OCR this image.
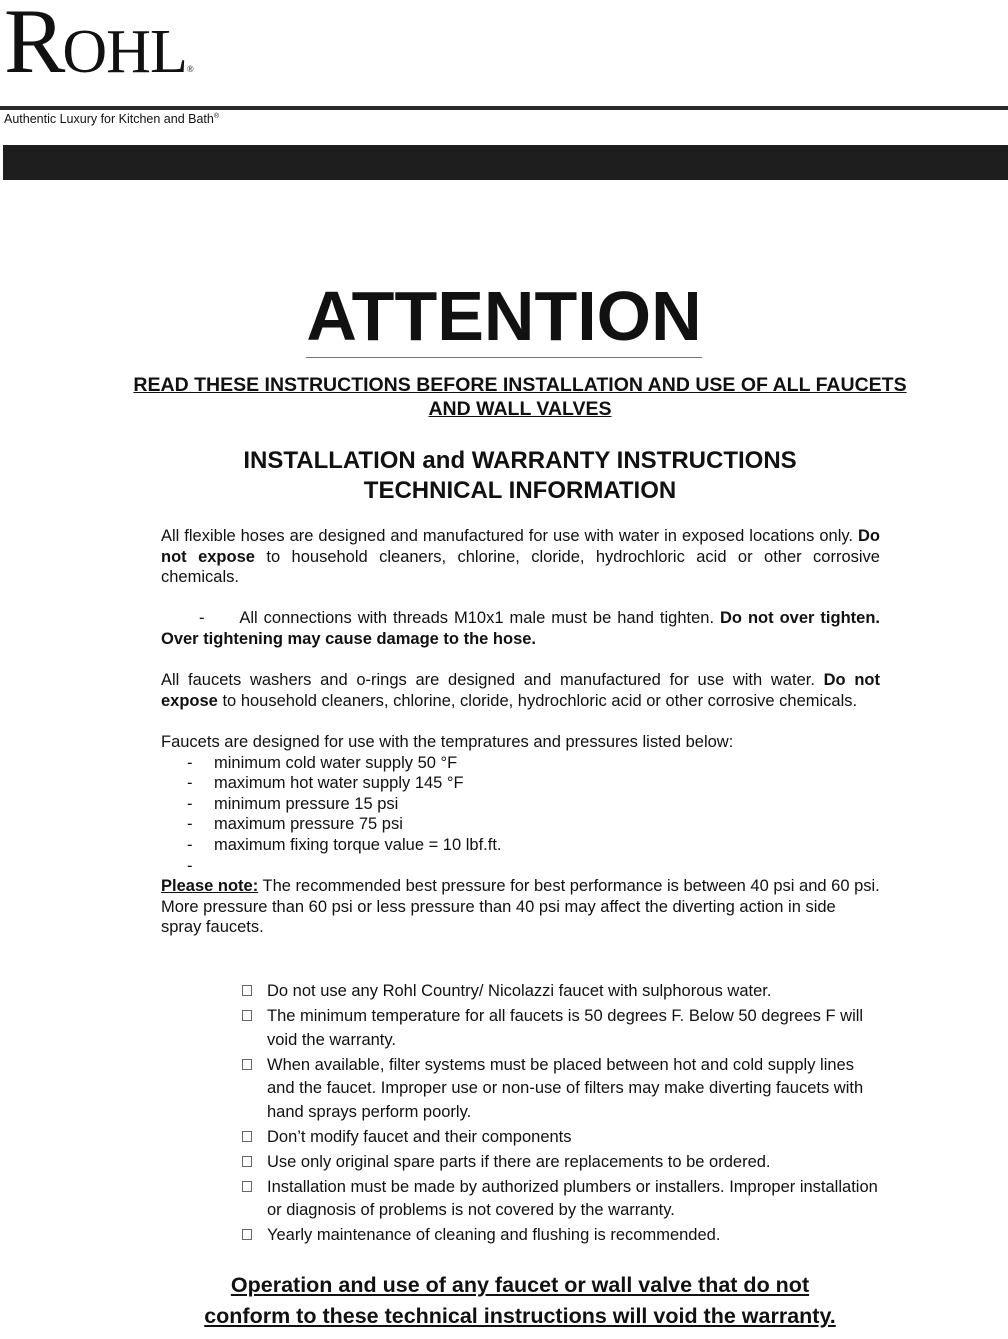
ROHL®
Authentic Luxury for Kitchen and Bath®
ATTENTION
READ THESE INSTRUCTIONS BEFORE INSTALLATION AND USE OF ALL FAUCETS AND WALL VALVES
INSTALLATION and WARRANTY INSTRUCTIONS
TECHNICAL INFORMATION

All flexible hoses are designed and manufactured for use with water in exposed locations only. Do not expose to household cleaners, chlorine, cloride, hydrochloric acid or other corrosive chemicals.

- All connections with threads M10x1 male must be hand tighten. Do not over tighten. Over tightening may cause damage to the hose.

All faucets washers and o-rings are designed and manufactured for use with water. Do not expose to household cleaners, chlorine, cloride, hydrochloric acid or other corrosive chemicals.

Faucets are designed for use with the tempratures and pressures listed below:
- minimum cold water supply 50 °F
- maximum hot water supply 145 °F
- minimum pressure 15 psi
- maximum pressure 75 psi
- maximum fixing torque value = 10 lbf.ft.
-

Please note: The recommended best pressure for best performance is between 40 psi and 60 psi. More pressure than 60 psi or less pressure than 40 psi may affect the diverting action in side spray faucets.

Do not use any Rohl Country/ Nicolazzi faucet with sulphorous water.
The minimum temperature for all faucets is 50 degrees F. Below 50 degrees F will void the warranty.
When available, filter systems must be placed between hot and cold supply lines and the faucet. Improper use or non-use of filters may make diverting faucets with hand sprays perform poorly.
Don’t modify faucet and their components
Use only original spare parts if there are replacements to be ordered.
Installation must be made by authorized plumbers or installers. Improper installation or diagnosis of problems is not covered by the warranty.
Yearly maintenance of cleaning and flushing is recommended.
Operation and use of any faucet or wall valve that do not
conform to these technical instructions will void the warranty.
